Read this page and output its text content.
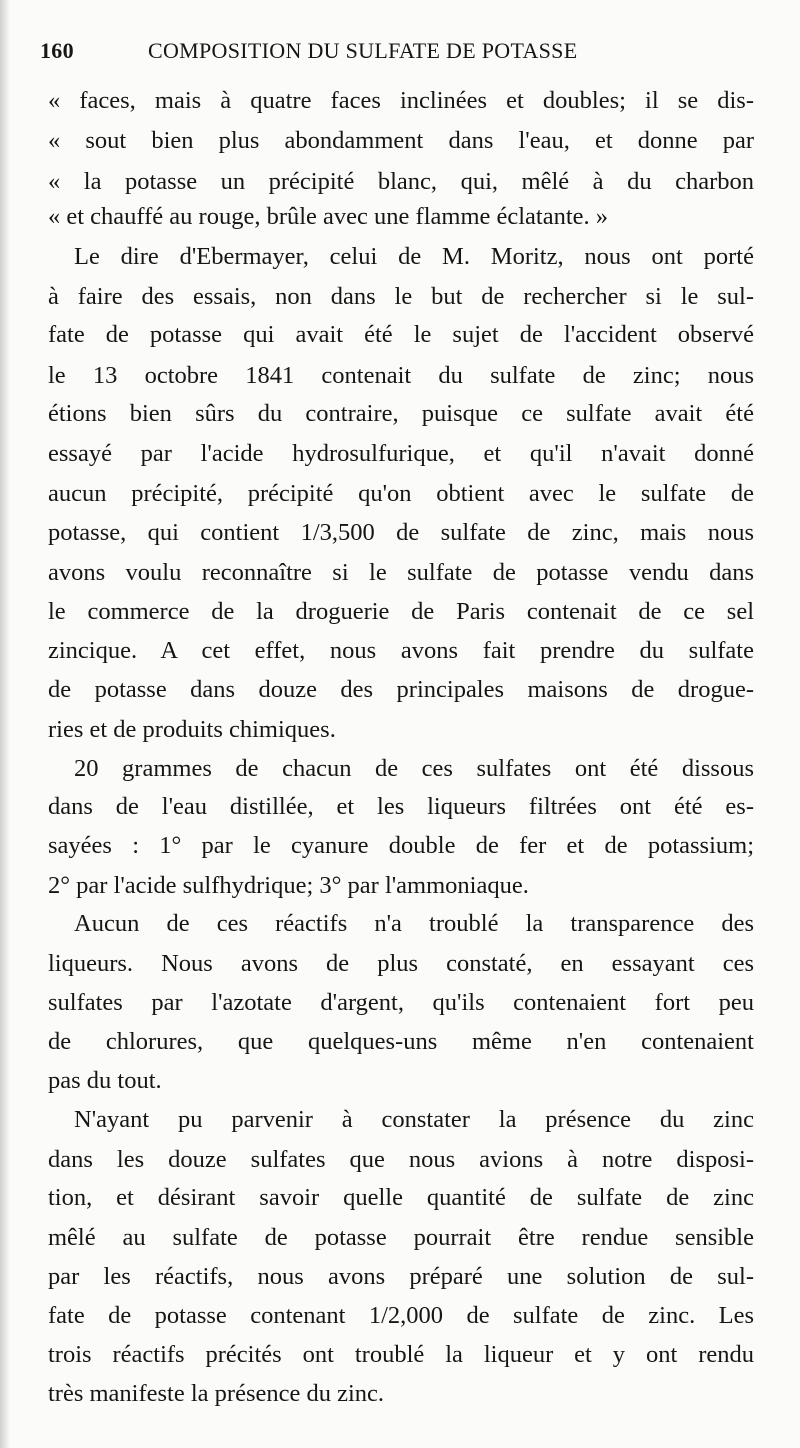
160	COMPOSITION DU SULFATE DE POTASSE
« faces, mais à quatre faces inclinées et doubles; il se dis-
« sout bien plus abondamment dans l'eau, et donne par
« la potasse un précipité blanc, qui, mêlé à du charbon
« et chauffé au rouge, brûle avec une flamme éclatante. »
Le dire d'Ebermayer, celui de M. Moritz, nous ont porté
à faire des essais, non dans le but de rechercher si le sul-
fate de potasse qui avait été le sujet de l'accident observé
le 13 octobre 1841 contenait du sulfate de zinc; nous
étions bien sûrs du contraire, puisque ce sulfate avait été
essayé par l'acide hydrosulfurique, et qu'il n'avait donné
aucun précipité, précipité qu'on obtient avec le sulfate de
potasse, qui contient 1/3,500 de sulfate de zinc, mais nous
avons voulu reconnaître si le sulfate de potasse vendu dans
le commerce de la droguerie de Paris contenait de ce sel
zincique. A cet effet, nous avons fait prendre du sulfate
de potasse dans douze des principales maisons de drogue-
ries et de produits chimiques.
20 grammes de chacun de ces sulfates ont été dissous
dans de l'eau distillée, et les liqueurs filtrées ont été es-
sayées : 1° par le cyanure double de fer et de potassium;
2° par l'acide sulfhydrique; 3° par l'ammoniaque.
Aucun de ces réactifs n'a troublé la transparence des
liqueurs. Nous avons de plus constaté, en essayant ces
sulfates par l'azotate d'argent, qu'ils contenaient fort peu
de chlorures, que quelques-uns même n'en contenaient
pas du tout.
N'ayant pu parvenir à constater la présence du zinc
dans les douze sulfates que nous avions à notre disposi-
tion, et désirant savoir quelle quantité de sulfate de zinc
mêlé au sulfate de potasse pourrait être rendue sensible
par les réactifs, nous avons préparé une solution de sul-
fate de potasse contenant 1/2,000 de sulfate de zinc. Les
trois réactifs précités ont troublé la liqueur et y ont rendu
très manifeste la présence du zinc.
